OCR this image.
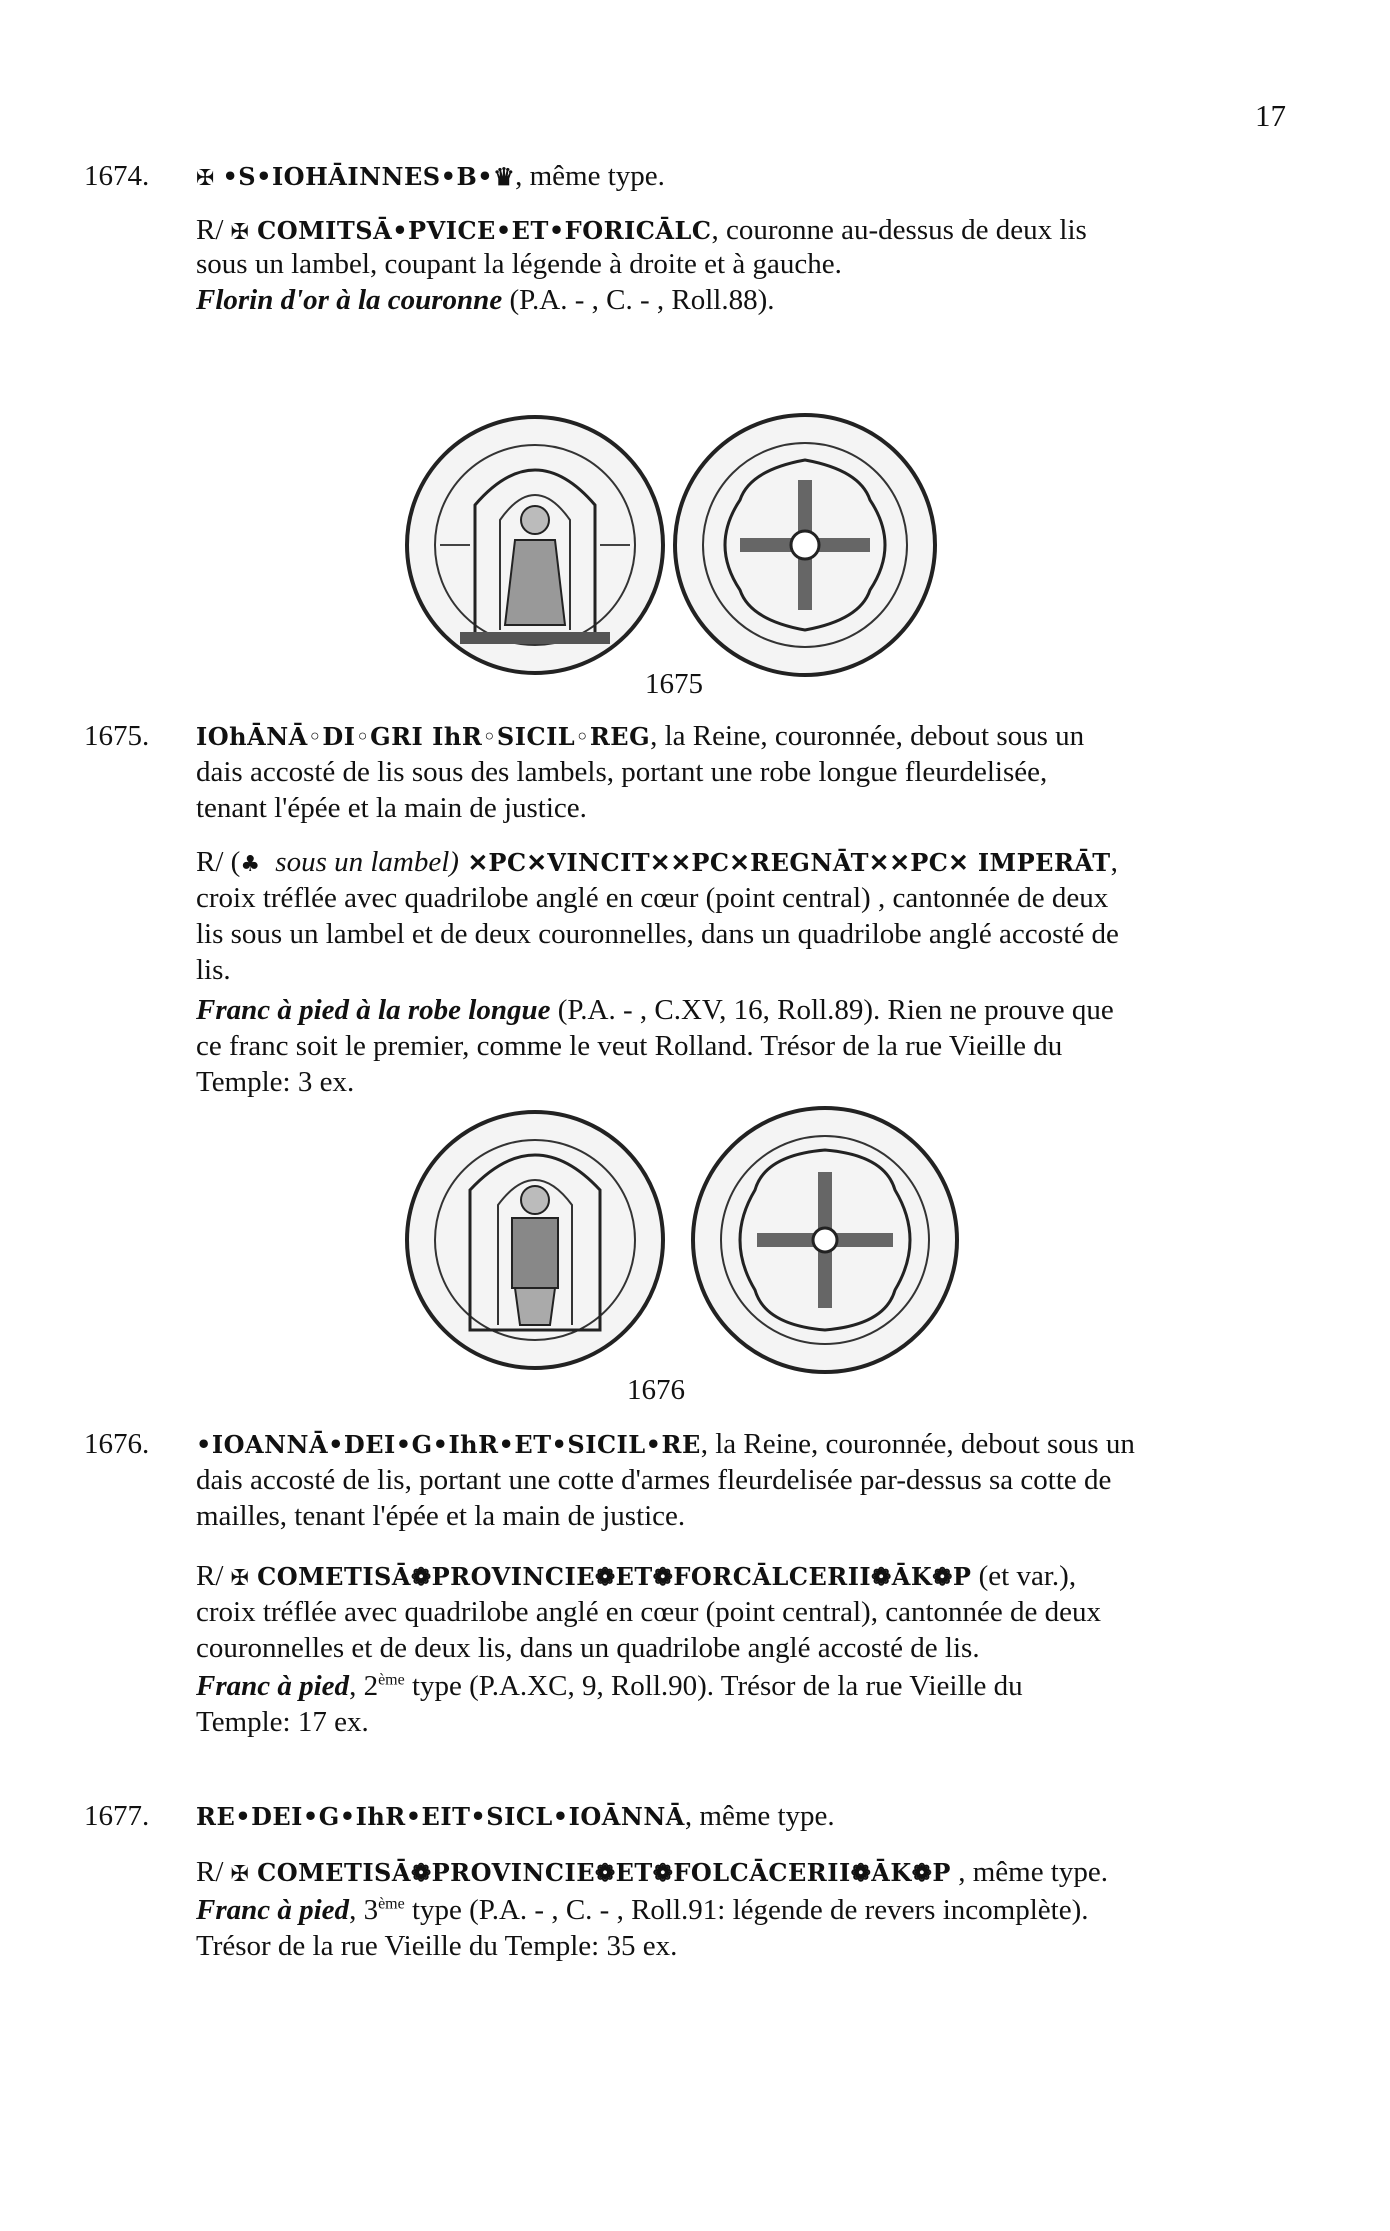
17
1674. ✠ •S•IOHĀINNES•B•♛, même type.
R/ ✠ COMITSĀ•PVICE•ET•FORICĀLC, couronne au-dessus de deux lis
sous un lambel, coupant la légende à droite et à gauche.
Florin d'or à la couronne (P.A. - , C. - , Roll.88).
1675
1675
1675. IOhĀNĀ◦DI◦GRI IhR◦SICIL◦REG, la Reine, couronnée, debout sous un
dais accosté de lis sous des lambels, portant une robe longue fleurdelisée,
tenant l'épée et la main de justice.
R/ (♣ sous un lambel) ✕PC✕VINCIT✕✕PC✕REGNĀT✕✕PC✕ IMPERĀT,
croix tréflée avec quadrilobe anglé en cœur (point central) , cantonnée de deux
lis sous un lambel et de deux couronnelles, dans un quadrilobe anglé accosté de
lis.
Franc à pied à la robe longue (P.A. - , C.XV, 16, Roll.89). Rien ne prouve que
ce franc soit le premier, comme le veut Rolland. Trésor de la rue Vieille du
Temple: 3 ex.
1676
1676. •IOANNĀ•DEI•G•IhR•ET•SICIL•RE, la Reine, couronnée, debout sous un
dais accosté de lis, portant une cotte d'armes fleurdelisée par-dessus sa cotte de
mailles, tenant l'épée et la main de justice.
R/ ✠ COMETISĀ❁PROVINCIE❁ET❁FORCĀLCERII❁ĀK❁P (et var.),
croix tréflée avec quadrilobe anglé en cœur (point central), cantonnée de deux
couronnelles et de deux lis, dans un quadrilobe anglé accosté de lis.
Franc à pied, 2ème type (P.A.XC, 9, Roll.90). Trésor de la rue Vieille du
Temple: 17 ex.
1677. RE•DEI•G•IhR•EIT•SICL•IOĀNNĀ, même type.
R/ ✠ COMETISĀ❁PROVINCIE❁ET❁FOLCĀCERII❁ĀK❁P , même type.
Franc à pied, 3ème type (P.A. - , C. - , Roll.91: légende de revers incomplète).
Trésor de la rue Vieille du Temple: 35 ex.
